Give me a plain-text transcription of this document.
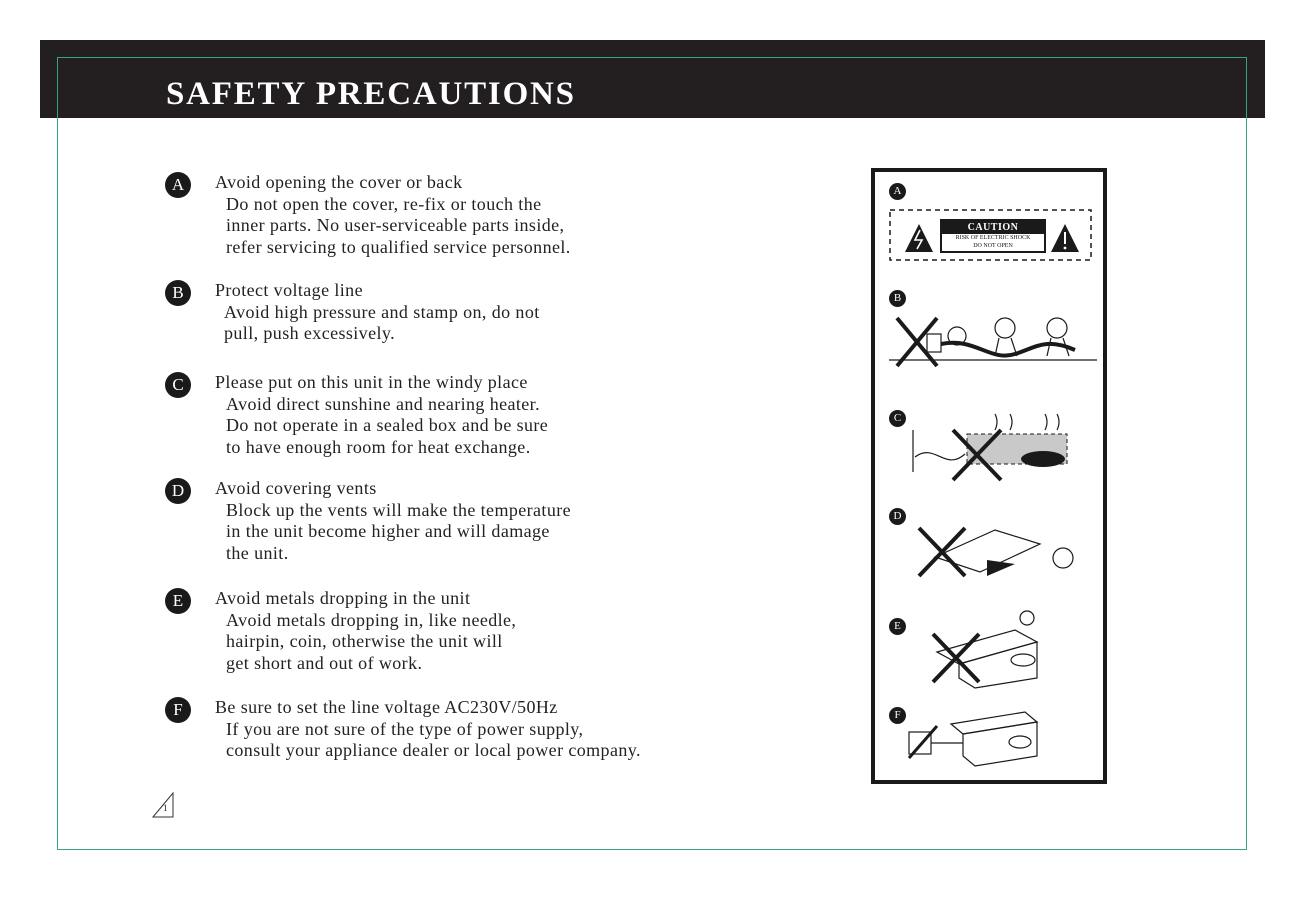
SAFETY PRECAUTIONS
A	Avoid opening the cover or back
Do not open the cover, re-fix or touch the
inner parts. No user-serviceable parts inside,
refer servicing to qualified service personnel.
B	Protect voltage line
Avoid high pressure and stamp on, do not
pull, push excessively.
C	Please put on this unit in the windy place
Avoid direct sunshine and nearing heater.
Do not operate in a sealed box and be sure
to have enough room for heat exchange.
D	Avoid covering vents
Block up the vents will make the temperature
in the unit become higher and will damage
the unit.
E	Avoid metals dropping in the unit
Avoid metals dropping in, like needle,
hairpin, coin, otherwise the unit will
get short and out of work.
F	Be sure to set the line voltage AC230V/50Hz
If you are not sure of the type of power supply,
consult your appliance dealer or local power company.
1
A
CAUTION
RISK OF ELECTRIC SHOCK
DO NOT OPEN
B
C
D
E
F
